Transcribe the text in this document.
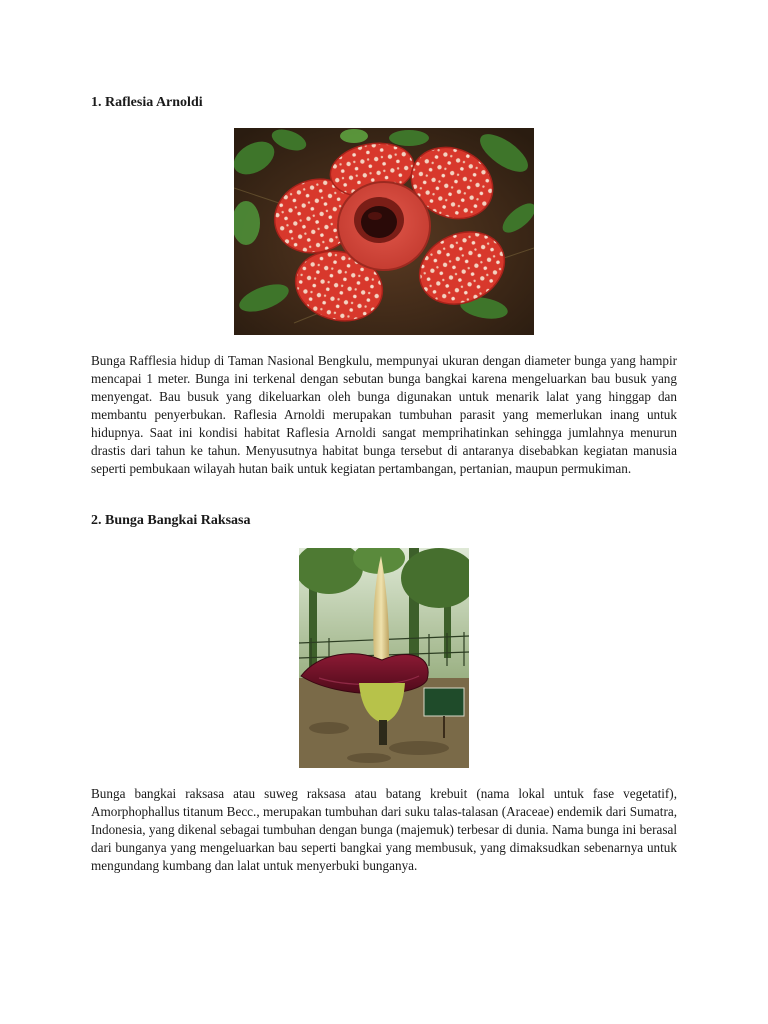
1. Raflesia Arnoldi

Bunga Rafflesia hidup di Taman Nasional Bengkulu, mempunyai ukuran dengan diameter bunga yang hampir mencapai 1 meter. Bunga ini terkenal dengan sebutan bunga bangkai karena mengeluarkan bau busuk yang menyengat. Bau busuk yang dikeluarkan oleh bunga digunakan untuk menarik lalat yang hinggap dan membantu penyerbukan. Raflesia Arnoldi merupakan tumbuhan parasit yang memerlukan inang untuk hidupnya. Saat ini kondisi habitat Raflesia Arnoldi sangat memprihatinkan sehingga jumlahnya menurun drastis dari tahun ke tahun. Menyusutnya habitat bunga tersebut di antaranya disebabkan kegiatan manusia seperti pembukaan wilayah hutan baik untuk kegiatan pertambangan, pertanian, maupun permukiman.

2. Bunga Bangkai Raksasa

Bunga bangkai raksasa atau suweg raksasa atau batang krebuit (nama lokal untuk fase vegetatif), Amorphophallus titanum Becc., merupakan tumbuhan dari suku talas-talasan (Araceae) endemik dari Sumatra, Indonesia, yang dikenal sebagai tumbuhan dengan bunga (majemuk) terbesar di dunia. Nama bunga ini berasal dari bunganya yang mengeluarkan bau seperti bangkai yang membusuk, yang dimaksudkan sebenarnya untuk mengundang kumbang dan lalat untuk menyerbuki bunganya.
